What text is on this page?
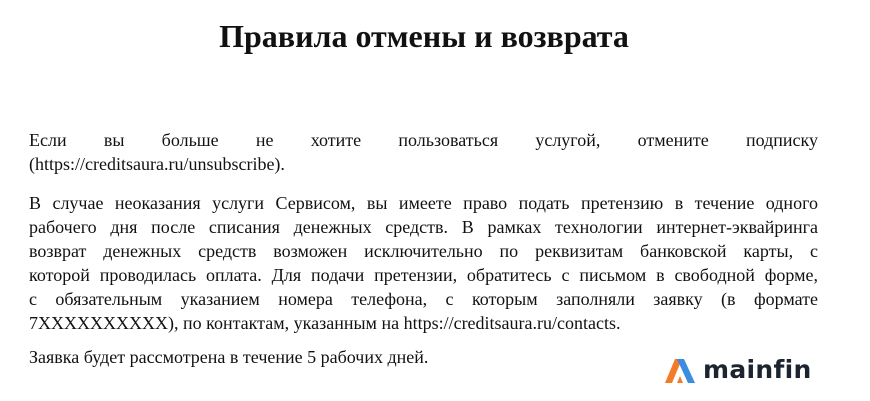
Правила отмены и возврата
Если вы больше не хотите пользоваться услугой, отмените подписку
(https://creditsaura.ru/unsubscribe).
В случае неоказания услуги Сервисом, вы имеете право подать претензию в течение одного
рабочего дня после списания денежных средств. В рамках технологии интернет-эквайринга
возврат денежных средств возможен исключительно по реквизитам банковской карты, с
которой проводилась оплата. Для подачи претензии, обратитесь с письмом в свободной форме,
с обязательным указанием номера телефона, с которым заполняли заявку (в формате
7XXXXXXXXXX), по контактам, указанным на https://creditsaura.ru/contacts.
Заявка будет рассмотрена в течение 5 рабочих дней.	mainfin
